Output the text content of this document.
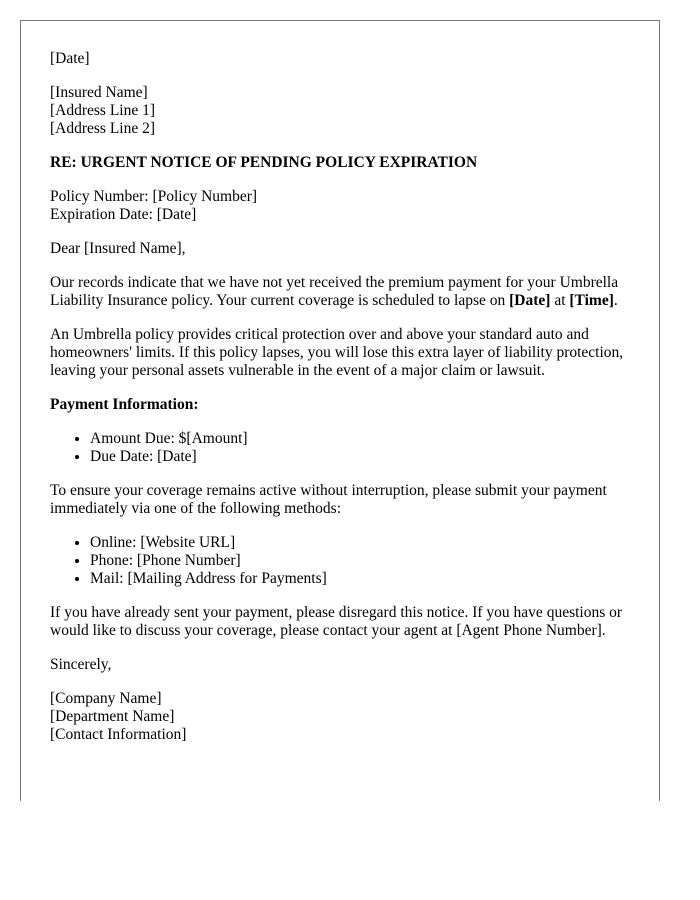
[Date]

[Insured Name]
[Address Line 1]
[Address Line 2]

RE: URGENT NOTICE OF PENDING POLICY EXPIRATION

Policy Number: [Policy Number]
Expiration Date: [Date]

Dear [Insured Name],

Our records indicate that we have not yet received the premium payment for your Umbrella Liability Insurance policy. Your current coverage is scheduled to lapse on [Date] at [Time].

An Umbrella policy provides critical protection over and above your standard auto and homeowners' limits. If this policy lapses, you will lose this extra layer of liability protection, leaving your personal assets vulnerable in the event of a major claim or lawsuit.

Payment Information:

• Amount Due: $[Amount]
• Due Date: [Date]

To ensure your coverage remains active without interruption, please submit your payment immediately via one of the following methods:

• Online: [Website URL]
• Phone: [Phone Number]
• Mail: [Mailing Address for Payments]

If you have already sent your payment, please disregard this notice. If you have questions or would like to discuss your coverage, please contact your agent at [Agent Phone Number].

Sincerely,

[Company Name]
[Department Name]
[Contact Information]
